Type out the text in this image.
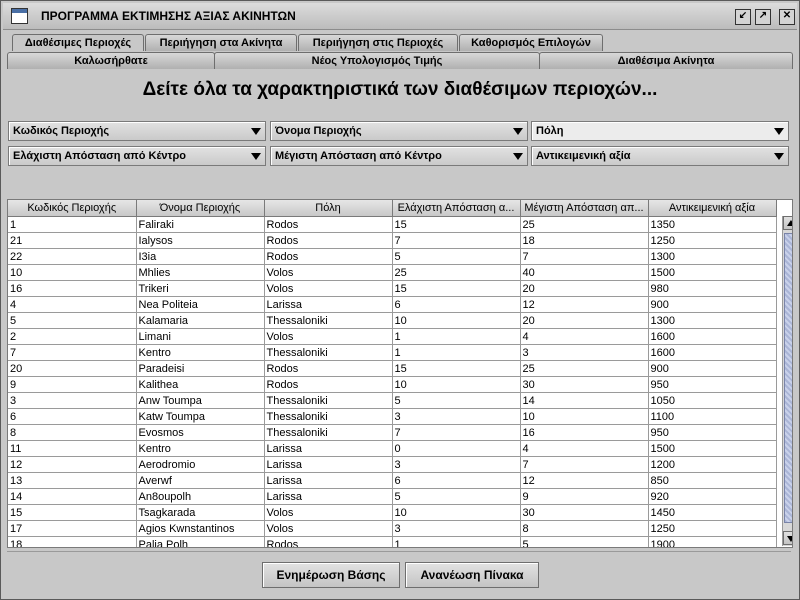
ΠΡΟΓΡΑΜΜΑ ΕΚΤΙΜΗΣΗΣ ΑΞΙΑΣ ΑΚΙΝΗΤΩΝ	↙	↗	✕
Διαθέσιμες Περιοχές	Περιήγηση στα Ακίνητα	Περιήγηση στις Περιοχές	Καθορισμός Επιλογών
Καλωσήρθατε	Νέος Υπολογισμός Τιμής	Διαθέσιμα Ακίνητα
Δείτε όλα τα χαρακτηριστικά των διαθέσιμων περιοχών...
Κωδικός Περιοχής	Όνομα Περιοχής	Πόλη
Ελάχιστη Απόσταση από Κέντρο	Μέγιστη Απόσταση από Κέντρο	Αντικειμενική αξία
Κωδικός Περιοχής	Όνομα Περιοχής	Πόλη	Ελάχιστη Απόσταση α...	Μέγιστη Απόσταση απ...	Αντικειμενική αξία
1	Faliraki	Rodos	15	25	1350
21	Ialysos	Rodos	7	18	1250
22	I3ia	Rodos	5	7	1300
10	Mhlies	Volos	25	40	1500
16	Trikeri	Volos	15	20	980
4	Nea Politeia	Larissa	6	12	900
5	Kalamaria	Thessaloniki	10	20	1300
2	Limani	Volos	1	4	1600
7	Kentro	Thessaloniki	1	3	1600
20	Paradeisi	Rodos	15	25	900
9	Kalithea	Rodos	10	30	950
3	Anw Toumpa	Thessaloniki	5	14	1050
6	Katw Toumpa	Thessaloniki	3	10	1100
8	Evosmos	Thessaloniki	7	16	950
11	Kentro	Larissa	0	4	1500
12	Aerodromio	Larissa	3	7	1200
13	Averwf	Larissa	6	12	850
14	An8oupolh	Larissa	5	9	920
15	Tsagkarada	Volos	10	30	1450
17	Agios Kwnstantinos	Volos	3	8	1250
18	Palia Polh	Rodos	1	5	1900
Ενημέρωση Βάσης	Ανανέωση Πίνακα
